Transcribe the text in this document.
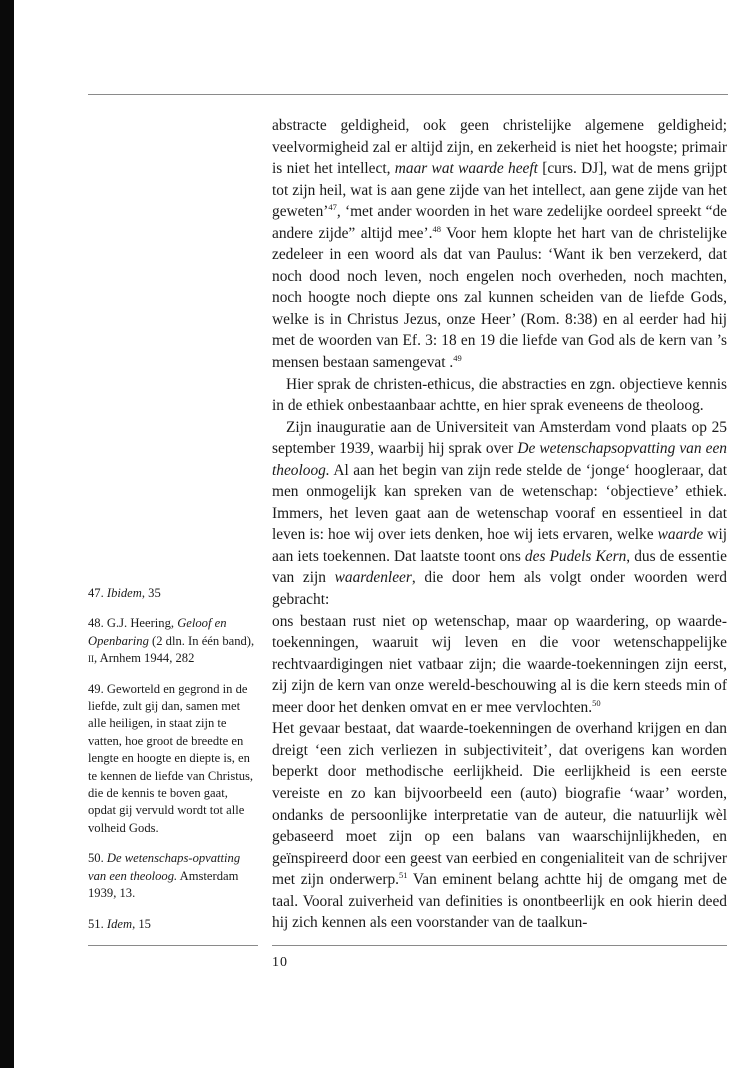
abstracte geldigheid, ook geen christelijke algemene geldigheid; veelvormigheid zal er altijd zijn, en zekerheid is niet het hoogste; primair is niet het intellect, maar wat waarde heeft [curs. DJ], wat de mens grijpt tot zijn heil, wat is aan gene zijde van het intellect, aan gene zijde van het geweten’$^{47}$, ‘met ander woorden in het ware zedelijke oordeel spreekt “de andere zijde” altijd mee’.$^{48}$ Voor hem klopte het hart van de christelijke zedeleer in een woord als dat van Paulus: ‘Want ik ben verzekerd, dat noch dood noch leven, noch engelen noch overheden, noch machten, noch hoogte noch diepte ons zal kunnen scheiden van de liefde Gods, welke is in Christus Jezus, onze Heer’ (Rom. 8:38) en al eerder had hij met de woorden van Ef. 3: 18 en 19 die liefde van God als de kern van ’s mensen bestaan samengevat .$^{49}$

Hier sprak de christen-ethicus, die abstracties en zgn. objectieve kennis in de ethiek onbestaanbaar achtte, en hier sprak eveneens de theoloog.

Zijn inauguratie aan de Universiteit van Amsterdam vond plaats op 25 september 1939, waarbij hij sprak over De wetenschapsopvatting van een theoloog. Al aan het begin van zijn rede stelde de ‘jonge‘ hoogleraar, dat men onmogelijk kan spreken van de wetenschap: ‘objectieve’ ethiek. Immers, het leven gaat aan de wetenschap vooraf en essentieel in dat leven is: hoe wij over iets denken, hoe wij iets ervaren, welke waarde wij aan iets toekennen. Dat laatste toont ons des Pudels Kern, dus de essentie van zijn waardenleer, die door hem als volgt onder woorden werd gebracht:

ons bestaan rust niet op wetenschap, maar op waardering, op waarde-toekenningen, waaruit wij leven en die voor wetenschappelijke rechtvaardigingen niet vatbaar zijn; die waarde-toekenningen zijn eerst, zij zijn de kern van onze wereld-beschouwing al is die kern steeds min of meer door het denken omvat en er mee vervlochten.$^{50}$

Het gevaar bestaat, dat waarde-toekenningen de overhand krijgen en dan dreigt ‘een zich verliezen in subjectiviteit’, dat overigens kan worden beperkt door methodische eerlijkheid. Die eerlijkheid is een eerste vereiste en zo kan bijvoorbeeld een (auto) biografie ‘waar’ worden, ondanks de persoonlijke interpretatie van de auteur, die natuurlijk wèl gebaseerd moet zijn op een balans van waarschijnlijkheden, en geïnspireerd door een geest van eerbied en congenialiteit van de schrijver met zijn onderwerp.$^{51}$ Van eminent belang achtte hij de omgang met de taal. Vooral zuiverheid van definities is onontbeerlijk en ook hierin deed hij zich kennen als een voorstander van de taalkun-

47. Ibidem, 35

48. G.J. Heering, Geloof en Openbaring (2 dln. In één band), ii, Arnhem 1944, 282

49. Geworteld en gegrond in de liefde, zult gij dan, samen met alle heiligen, in staat zijn te vatten, hoe groot de breedte en lengte en hoogte en diepte is, en te kennen de liefde van Christus, die de kennis te boven gaat, opdat gij vervuld wordt tot alle volheid Gods.

50. De wetenschaps-opvatting van een theoloog. Amsterdam 1939, 13.

51. Idem, 15

10
